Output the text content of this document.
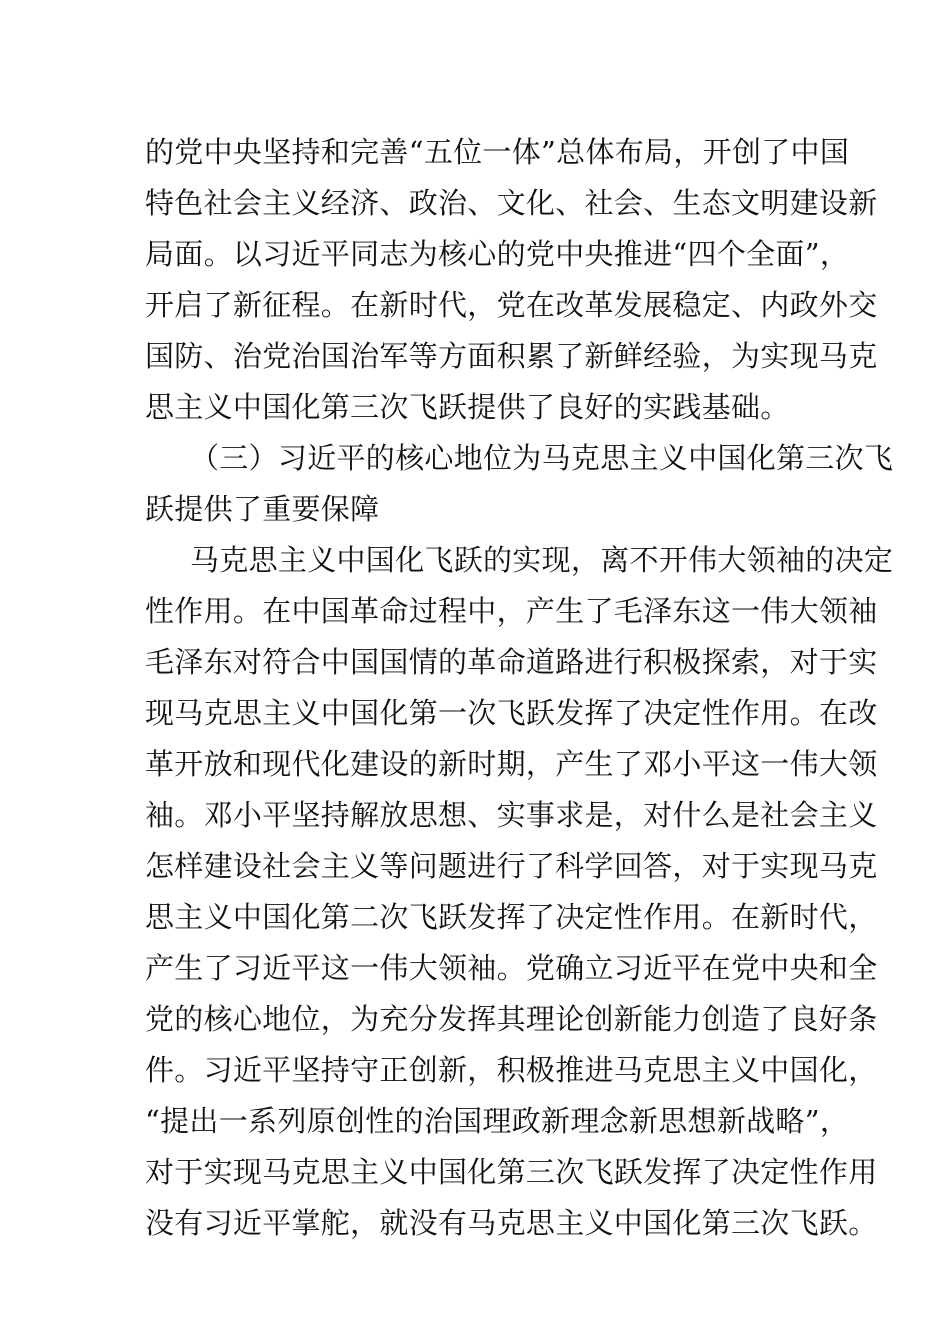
的党中央坚持和完善“五位一体”总体布局，开创了中国
特色社会主义经济、政治、文化、社会、生态文明建设新
局面。以习近平同志为核心的党中央推进“四个全面”，
开启了新征程。在新时代，党在改革发展稳定、内政外交
国防、治党治国治军等方面积累了新鲜经验，为实现马克
思主义中国化第三次飞跃提供了良好的实践基础。
（三）习近平的核心地位为马克思主义中国化第三次飞
跃提供了重要保障
马克思主义中国化飞跃的实现，离不开伟大领袖的决定
性作用。在中国革命过程中，产生了毛泽东这一伟大领袖
毛泽东对符合中国国情的革命道路进行积极探索，对于实
现马克思主义中国化第一次飞跃发挥了决定性作用。在改
革开放和现代化建设的新时期，产生了邓小平这一伟大领
袖。邓小平坚持解放思想、实事求是，对什么是社会主义
怎样建设社会主义等问题进行了科学回答，对于实现马克
思主义中国化第二次飞跃发挥了决定性作用。在新时代，
产生了习近平这一伟大领袖。党确立习近平在党中央和全
党的核心地位，为充分发挥其理论创新能力创造了良好条
件。习近平坚持守正创新，积极推进马克思主义中国化，
“提出一系列原创性的治国理政新理念新思想新战略”，
对于实现马克思主义中国化第三次飞跃发挥了决定性作用
没有习近平掌舵，就没有马克思主义中国化第三次飞跃。
